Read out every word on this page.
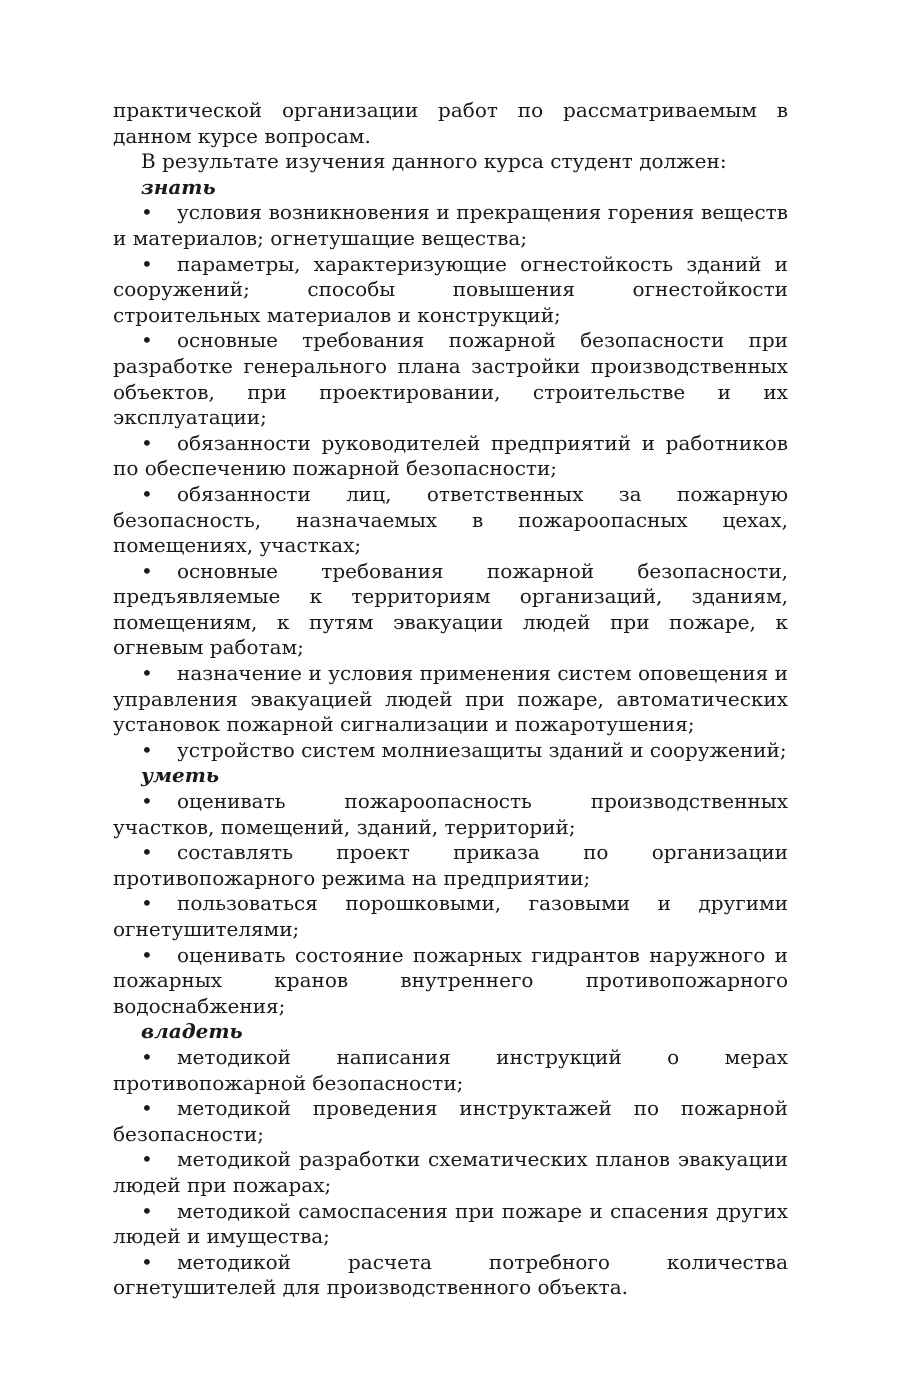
практической организации работ по рассматриваемым в данном курсе вопросам.

В результате изучения данного курса студент должен:

знать

• условия возникновения и прекращения горения веществ и материалов; огнетушащие вещества;
• параметры, характеризующие огнестойкость зданий и сооружений; способы повышения огнестойкости строительных материалов и конструкций;
• основные требования пожарной безопасности при разработке генерального плана застройки производственных объектов, при проектировании, строительстве и их эксплуатации;
• обязанности руководителей предприятий и работников по обеспечению пожарной безопасности;
• обязанности лиц, ответственных за пожарную безопасность, назначаемых в пожароопасных цехах, помещениях, участках;
• основные требования пожарной безопасности, предъявляемые к территориям организаций, зданиям, помещениям, к путям эвакуации людей при пожаре, к огневым работам;
• назначение и условия применения систем оповещения и управления эвакуацией людей при пожаре, автоматических установок пожарной сигнализации и пожаротушения;
• устройство систем молниезащиты зданий и сооружений;

уметь

• оценивать пожароопасность производственных участков, помещений, зданий, территорий;
• составлять проект приказа по организации противопожарного режима на предприятии;
• пользоваться порошковыми, газовыми и другими огнетушителями;
• оценивать состояние пожарных гидрантов наружного и пожарных кранов внутреннего противопожарного водоснабжения;

владеть

• методикой написания инструкций о мерах противопожарной безопасности;
• методикой проведения инструктажей по пожарной безопасности;
• методикой разработки схематических планов эвакуации людей при пожарах;
• методикой самоспасения при пожаре и спасения других людей и имущества;
• методикой расчета потребного количества огнетушителей для производственного объекта.
